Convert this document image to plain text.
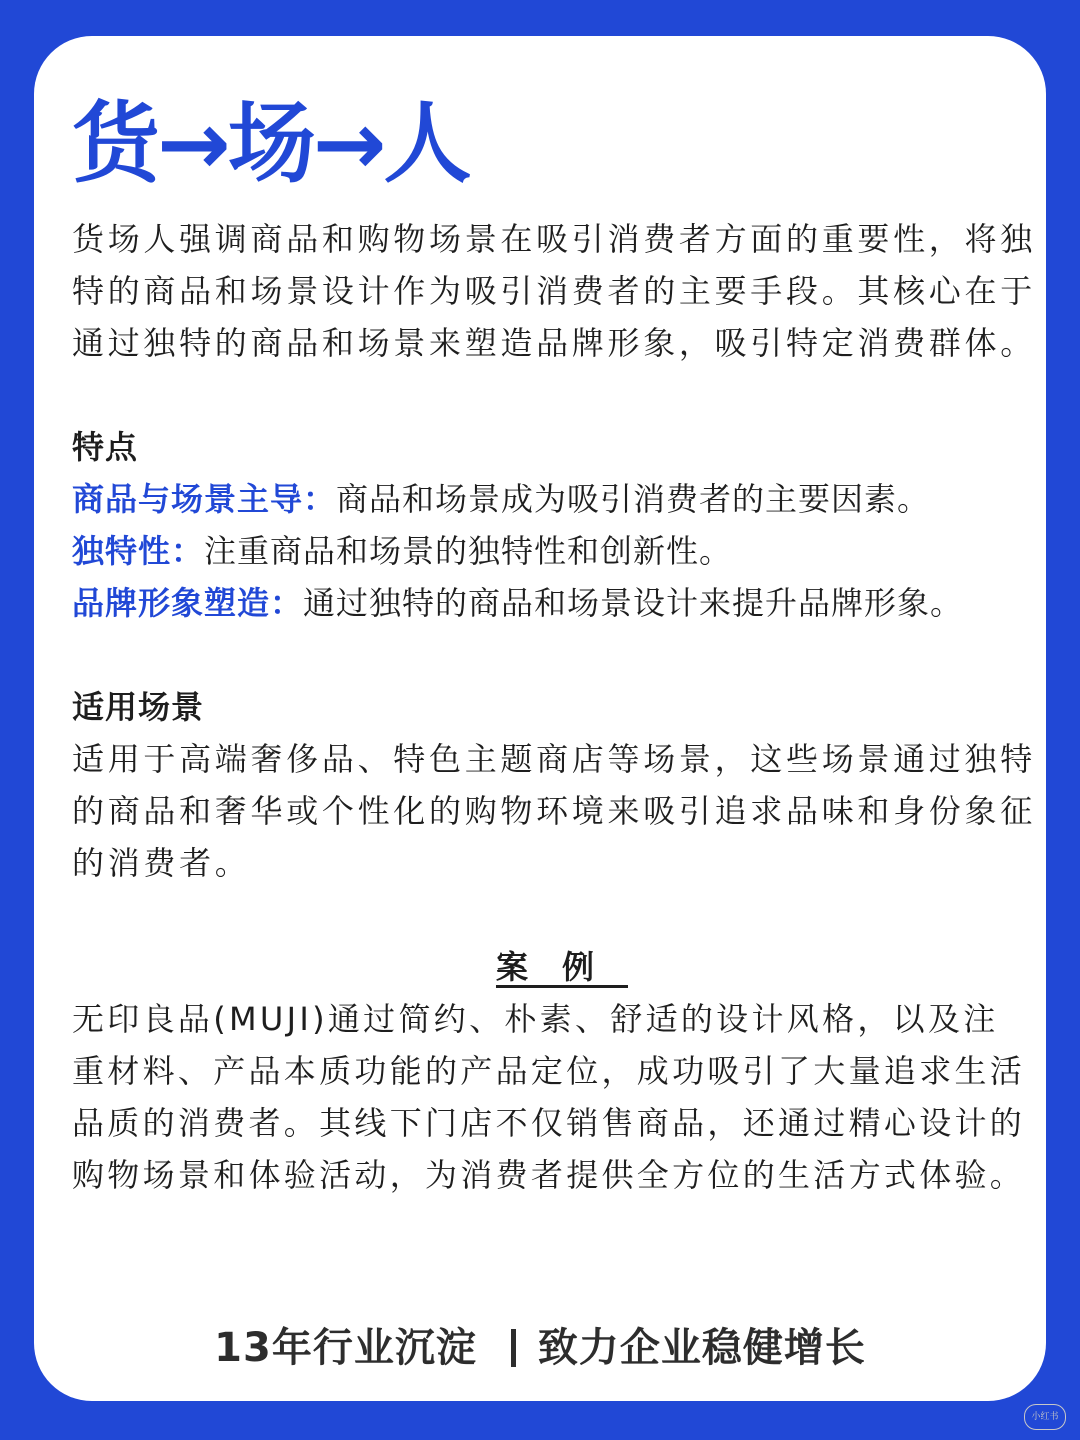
货→场→人

货场人强调商品和购物场景在吸引消费者方面的重要性，将独

特的商品和场景设计作为吸引消费者的主要手段。其核心在于

通过独特的商品和场景来塑造品牌形象，吸引特定消费群体。

特点

商品与场景主导：商品和场景成为吸引消费者的主要因素。

独特性：注重商品和场景的独特性和创新性。

品牌形象塑造：通过独特的商品和场景设计来提升品牌形象。

适用场景

适用于高端奢侈品、特色主题商店等场景，这些场景通过独特

的商品和奢华或个性化的购物环境来吸引追求品味和身份象征

的消费者。

案例

无印良品(MUJI)通过简约、朴素、舒适的设计风格，以及注

重材料、产品本质功能的产品定位，成功吸引了大量追求生活

品质的消费者。其线下门店不仅销售商品，还通过精心设计的

购物场景和体验活动，为消费者提供全方位的生活方式体验。

13年行业沉淀 致力企业稳健增长
小红书
